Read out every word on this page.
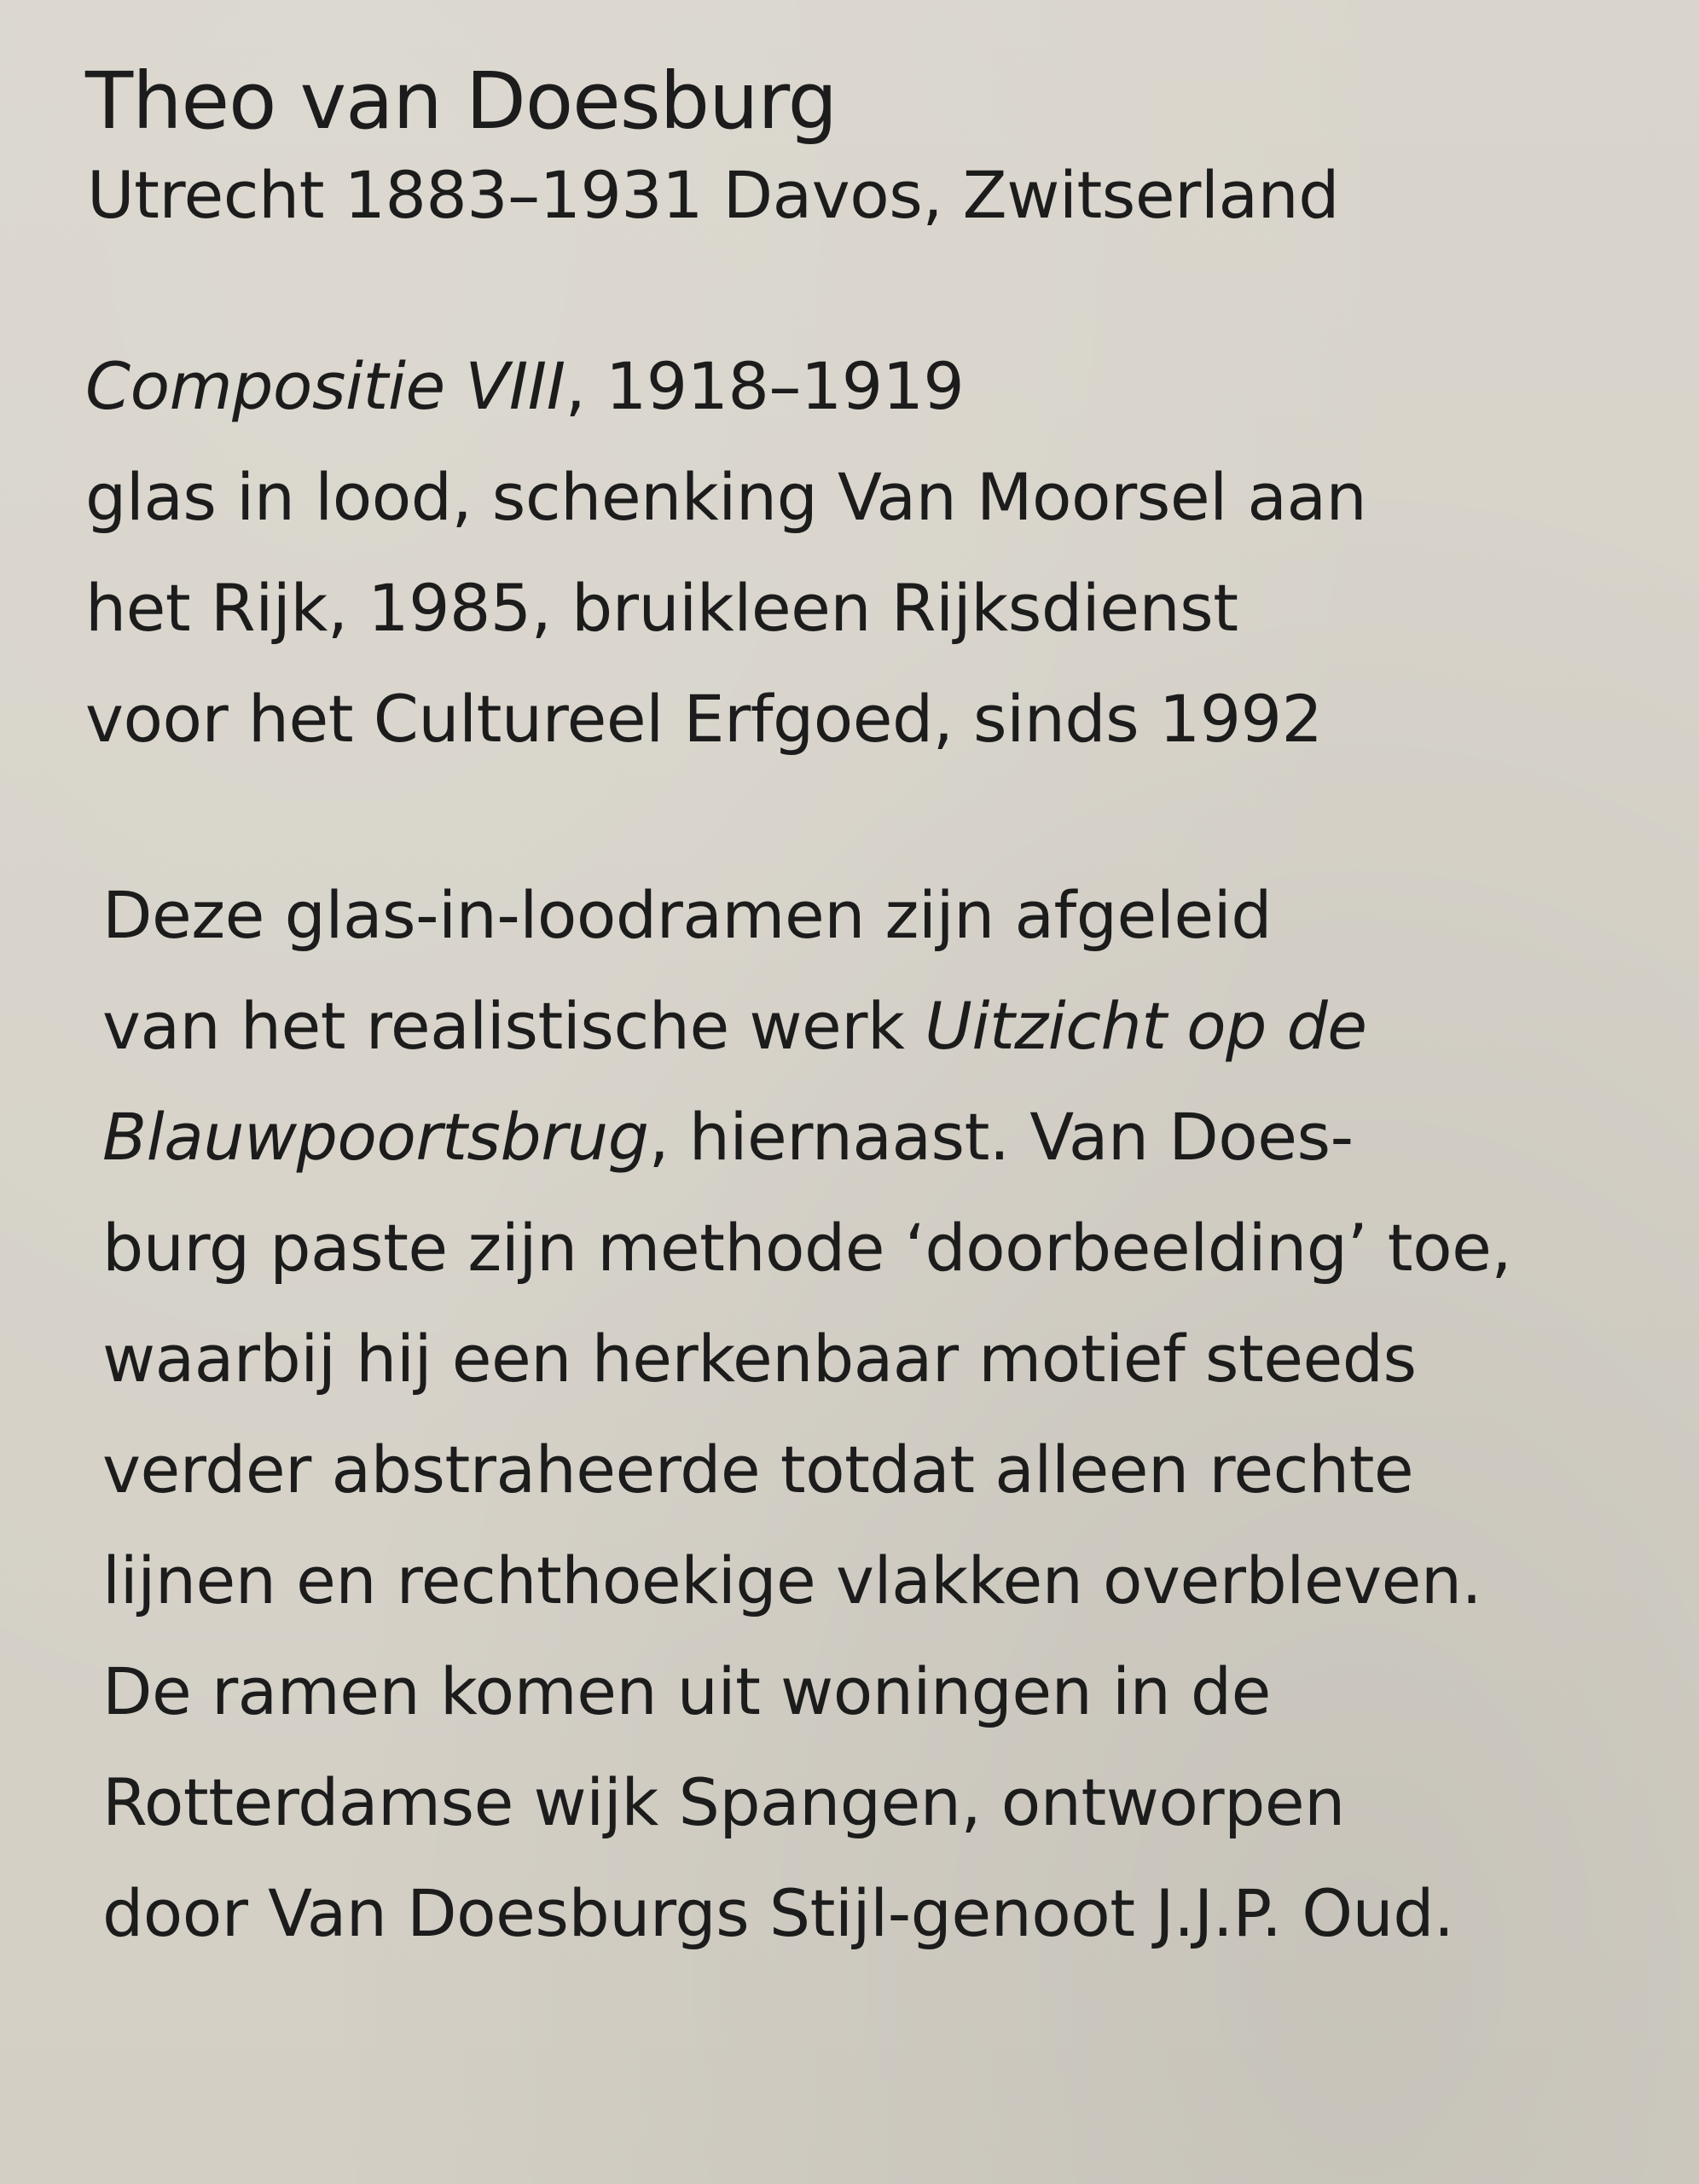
Theo van Doesburg

Utrecht 1883–1931 Davos, Zwitserland

Compositie VIII, 1918–1919

glas in lood, schenking Van Moorsel aan

het Rijk, 1985, bruikleen Rijksdienst

voor het Cultureel Erfgoed, sinds 1992

Deze glas-in-loodramen zijn afgeleid

van het realistische werk Uitzicht op de

Blauwpoortsbrug, hiernaast. Van Does-

burg paste zijn methode ‘doorbeelding’ toe,

waarbij hij een herkenbaar motief steeds

verder abstraheerde totdat alleen rechte

lijnen en rechthoekige vlakken overbleven.

De ramen komen uit woningen in de

Rotterdamse wijk Spangen, ontworpen

door Van Doesburgs Stijl-genoot J.J.P. Oud.
